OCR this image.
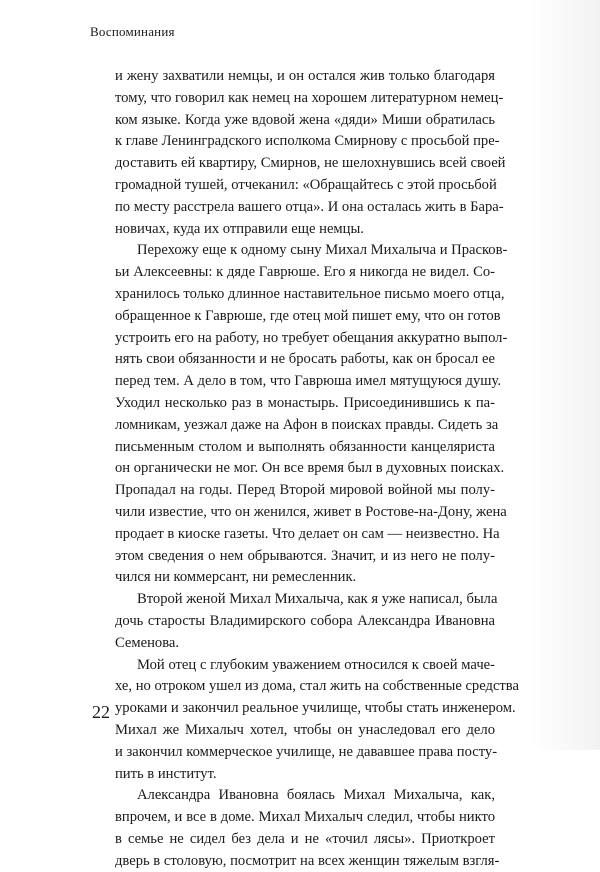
Воспоминания
и жену захватили немцы, и он остался жив только благодаря
тому, что говорил как немец на хорошем литературном немец-
ком языке. Когда уже вдовой жена «дяди» Миши обратилась
к главе Ленинградского исполкома Смирнову с просьбой пре-
доставить ей квартиру, Смирнов, не шелохнувшись всей своей
громадной тушей, отчеканил: «Обращайтесь с этой просьбой
по месту расстрела вашего отца». И она осталась жить в Бара-
новичах, куда их отправили еще немцы.
Перехожу еще к одному сыну Михал Михалыча и Прасков-
ьи Алексеевны: к дяде Гаврюше. Его я никогда не видел. Со-
хранилось только длинное наставительное письмо моего отца,
обращенное к Гаврюше, где отец мой пишет ему, что он готов
устроить его на работу, но требует обещания аккуратно выпол-
нять свои обязанности и не бросать работы, как он бросал ее
перед тем. А дело в том, что Гаврюша имел мятущуюся душу.
Уходил несколько раз в монастырь. Присоединившись к па-
ломникам, уезжал даже на Афон в поисках правды. Сидеть за
письменным столом и выполнять обязанности канцеляриста
он органически не мог. Он все время был в духовных поисках.
Пропадал на годы. Перед Второй мировой войной мы полу-
чили известие, что он женился, живет в Ростове-на-Дону, жена
продает в киоске газеты. Что делает он сам — неизвестно. На
этом сведения о нем обрываются. Значит, и из него не полу-
чился ни коммерсант, ни ремесленник.
Второй женой Михал Михалыча, как я уже написал, была
дочь старосты Владимирского собора Александра Ивановна
Семенова.
Мой отец с глубоким уважением относился к своей маче-
хе, но отроком ушел из дома, стал жить на собственные средства
уроками и закончил реальное училище, чтобы стать инженером.
Михал же Михалыч хотел, чтобы он унаследовал его дело
и закончил коммерческое училище, не дававшее права посту-
пить в институт.
Александра Ивановна боялась Михал Михалыча, как,
впрочем, и все в доме. Михал Михалыч следил, чтобы никто
в семье не сидел без дела и не «точил лясы». Приоткроет
дверь в столовую, посмотрит на всех женщин тяжелым взгля-
22
